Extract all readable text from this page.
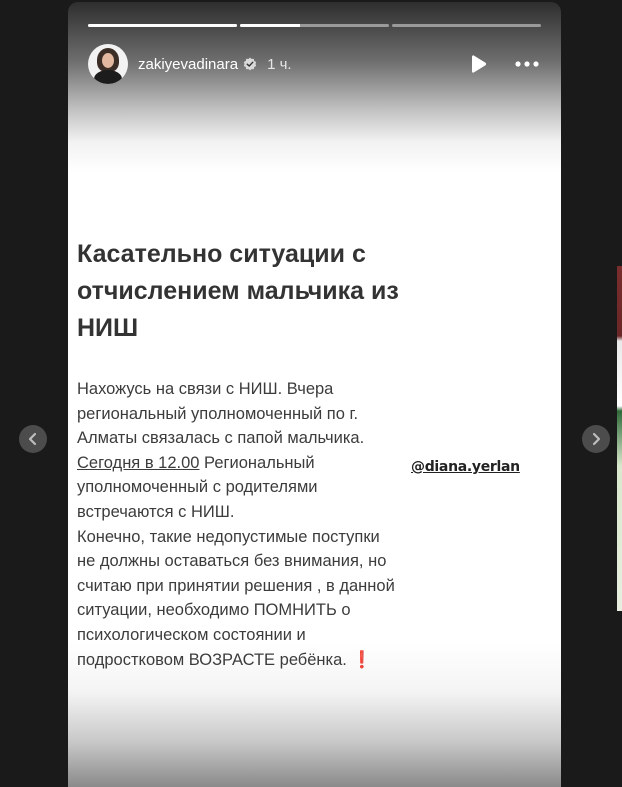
zakiyevadinara 1 ч.
@diana.yerlan
Касательно ситуации с отчислением мальчика из НИШ
Нахожусь на связи с НИШ. Вчера
региональный уполномоченный по г.
Алматы связалась с папой мальчика.
Сегодня в 12.00 Региональный
уполномоченный с родителями
встречаются с НИШ.
Конечно, такие недопустимые поступки
не должны оставаться без внимания, но
считаю при принятии решения , в данной
ситуации, необходимо ПОМНИТЬ о
психологическом состоянии и
подростковом ВОЗРАСТЕ ребёнка. ❗
